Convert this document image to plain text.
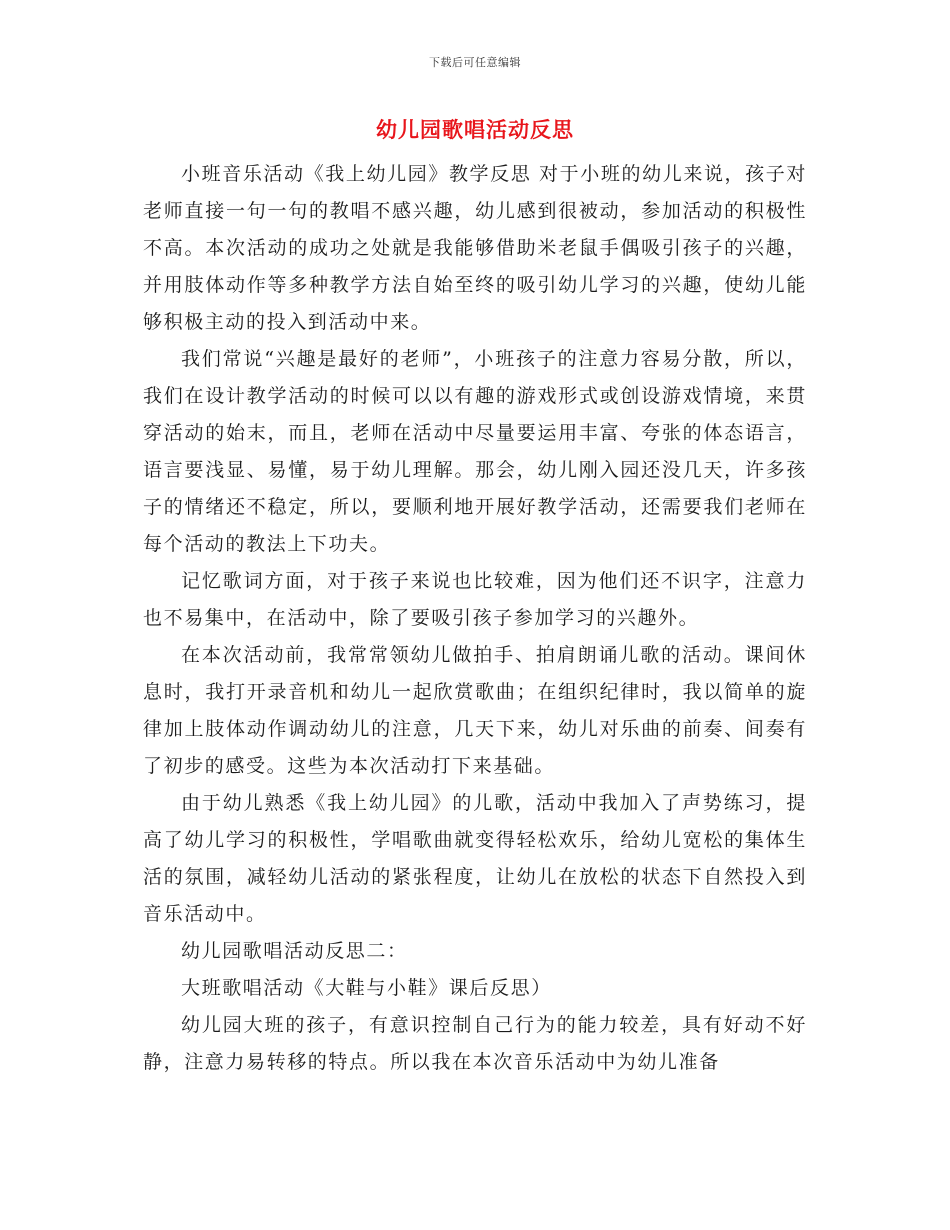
下载后可任意编辑
幼儿园歌唱活动反思

小班音乐活动《我上幼儿园》教学反思 对于小班的幼儿来说，孩子对老师直接一句一句的教唱不感兴趣，幼儿感到很被动，参加活动的积极性不高。本次活动的成功之处就是我能够借助米老鼠手偶吸引孩子的兴趣，并用肢体动作等多种教学方法自始至终的吸引幼儿学习的兴趣，使幼儿能够积极主动的投入到活动中来。

我们常说“兴趣是最好的老师”，小班孩子的注意力容易分散，所以，我们在设计教学活动的时候可以以有趣的游戏形式或创设游戏情境，来贯穿活动的始末，而且，老师在活动中尽量要运用丰富、夸张的体态语言，语言要浅显、易懂，易于幼儿理解。那会，幼儿刚入园还没几天，许多孩子的情绪还不稳定，所以，要顺利地开展好教学活动，还需要我们老师在每个活动的教法上下功夫。

记忆歌词方面，对于孩子来说也比较难，因为他们还不识字，注意力也不易集中，在活动中，除了要吸引孩子参加学习的兴趣外。

在本次活动前，我常常领幼儿做拍手、拍肩朗诵儿歌的活动。课间休息时，我打开录音机和幼儿一起欣赏歌曲；在组织纪律时，我以简单的旋律加上肢体动作调动幼儿的注意，几天下来，幼儿对乐曲的前奏、间奏有了初步的感受。这些为本次活动打下来基础。

由于幼儿熟悉《我上幼儿园》的儿歌，活动中我加入了声势练习，提高了幼儿学习的积极性，学唱歌曲就变得轻松欢乐，给幼儿宽松的集体生活的氛围，减轻幼儿活动的紧张程度，让幼儿在放松的状态下自然投入到音乐活动中。

幼儿园歌唱活动反思二：

大班歌唱活动《大鞋与小鞋》课后反思）

幼儿园大班的孩子，有意识控制自己行为的能力较差，具有好动不好静，注意力易转移的特点。所以我在本次音乐活动中为幼儿准备
